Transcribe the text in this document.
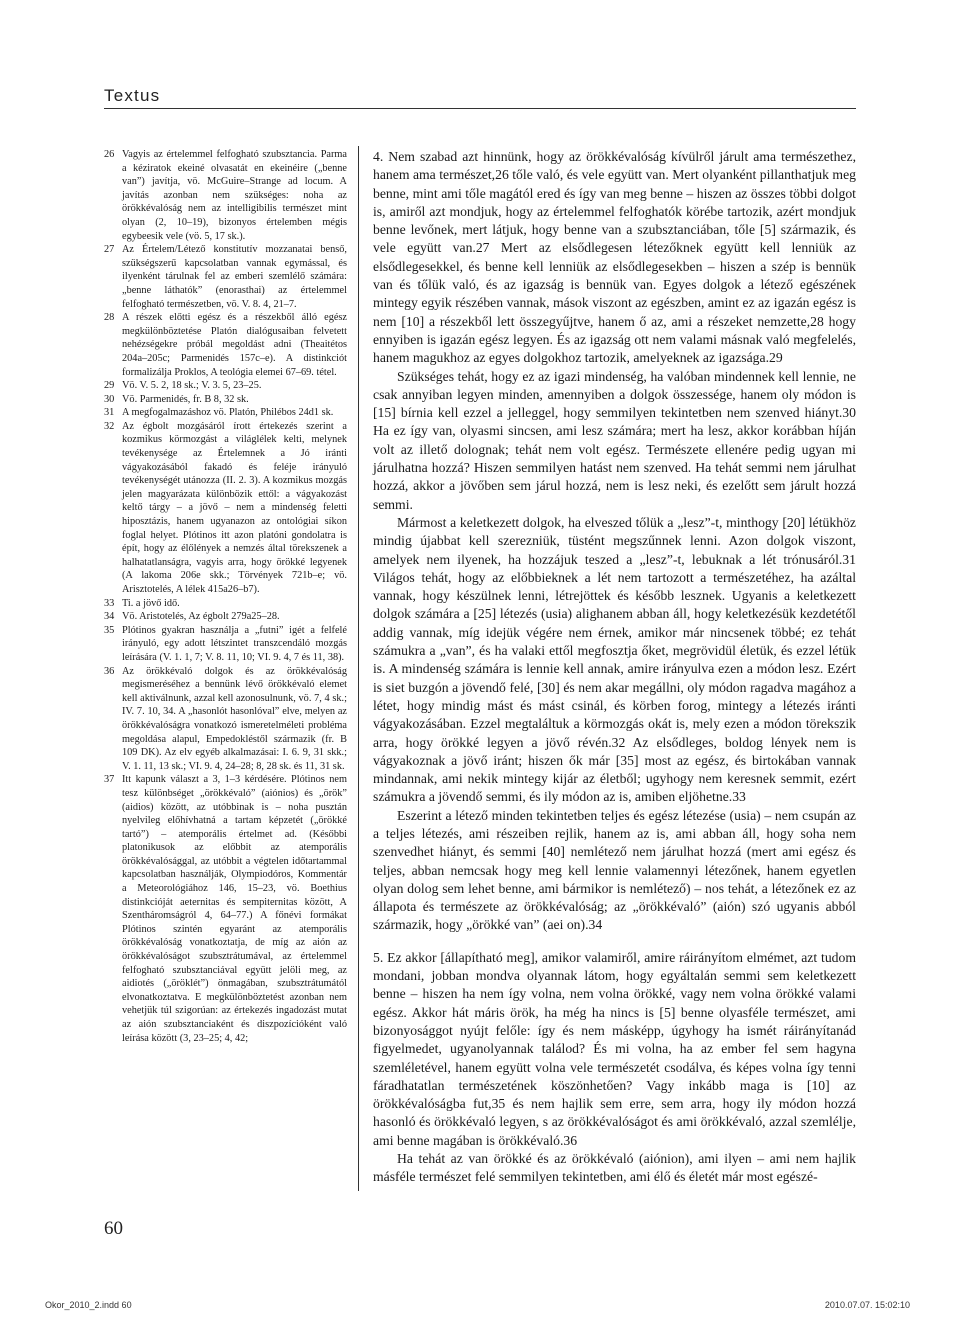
Textus
26 Vagyis az értelemmel felfogható szubsztancia. Parma a kéziratok ekeiné olvasatát en ekeinéire („benne van”) javítja, vö. McGuire–Strange ad locum. A javítás azonban nem szükséges: noha az örökkévalóság nem az intelligibilis természet mint olyan (2, 10–19), bizonyos értelemben mégis egybeesik vele (vö. 5, 17 sk.).
27 Az Értelem/Létező konstitutív mozzanatai benső, szükségszerű kapcsolatban vannak egymással, és ilyenként tárulnak fel az emberi szemlélő számára: „benne láthatók” (enorasthai) az értelemmel felfogható természetben, vö. V. 8. 4, 21–7.
28 A részek előtti egész és a részekből álló egész megkülönböztetése Platón dialógusaiban felvetett nehézségekre próbál megoldást adni (Theaitétos 204a–205c; Parmenidés 157c–e). A distinkciót formalizálja Proklos, A teológia elemei 67–69. tétel.
29 Vö. V. 5. 2, 18 sk.; V. 3. 5, 23–25.
30 Vö. Parmenidés, fr. B 8, 32 sk.
31 A megfogalmazáshoz vö. Platón, Philébos 24d1 sk.
32 Az égbolt mozgásáról írott értekezés szerint a kozmikus körmozgást a világlélek kelti, melynek tevékenysége az Értelemnek a Jó iránti vágyakozásából fakadó és feléje irányuló tevékenységét utánozza (II. 2. 3). A kozmikus mozgás jelen magyarázata különbözik ettől: a vágyakozást keltő tárgy – a jövő – nem a mindenség feletti hiposztázis, hanem ugyanazon az ontológiai síkon foglal helyet. Plótinos itt azon platóni gondolatra is épít, hogy az élőlények a nemzés által törekszenek a halhatatlanságra, vagyis arra, hogy örökké legyenek (A lakoma 206e skk.; Törvények 721b–e; vö. Arisztotelés, A lélek 415a26–b7).
33 Ti. a jövő idő.
34 Vö. Aristotelés, Az égbolt 279a25–28.
35 Plótinos gyakran használja a „futni” igét a felfelé irányuló, egy adott létszintet transzcendáló mozgás leírására (V. 1. 1, 7; V. 8. 11, 10; VI. 9. 4, 7 és 11, 38).
36 Az örökkévaló dolgok és az örökkévalóság megismeréséhez a bennünk lévő örökkévaló elemet kell aktiválnunk, azzal kell azonosulnunk, vö. 7, 4 sk.; IV. 7. 10, 34. A „hasonlót hasonlóval” elve, melyen az örökkévalóságra vonatkozó ismeretelméleti probléma megoldása alapul, Empedokléstől származik (fr. B 109 DK). Az elv egyéb alkalmazásai: I. 6. 9, 31 skk.; V. 1. 11, 13 sk.; VI. 9. 4, 24–28; 8, 28 sk. és 11, 31 sk.
37 Itt kapunk választ a 3, 1–3 kérdésére. Plótinos nem tesz különbséget „örökkévaló” (aiónios) és „örök” (aidios) között, az utóbbinak is – noha pusztán nyelvileg előhívhatná a tartam képzetét („örökké tartó”) – atemporális értelmet ad. (Későbbi platonikusok az előbbit az atemporális örökkévalósággal, az utóbbit a végtelen időtartammal kapcsolatban használják, Olympiodóros, Kommentár a Meteorológiához 146, 15–23, vö. Boethius distinkcióját aeternitas és sempiternitas között, A Szentháromságról 4, 64–77.) A főnévi formákat Plótinos szintén egyaránt az atemporális örökkévalóság vonatkoztatja, de míg az aión az örökkévalóságot szubsztrátumával, az értelemmel felfogható szubsztanciával együtt jelöli meg, az aidiotés („öröklét”) önmagában, szubsztrátumától elvonatkoztatva. E megkülönböztetést azonban nem vehetjük túl szigorúan: az értekezés ingadozást mutat az aión szubsztanciaként és diszpozícióként való leírása között (3, 23–25; 4, 42;

4. Nem szabad azt hinnünk, hogy az örökkévalóság kívülről járult ama természethez, hanem ama természet,26 tőle való, és vele együtt van. Mert olyanként pillanthatjuk meg benne, mint ami tőle magától ered és így van meg benne – hiszen az összes többi dolgot is, amiről azt mondjuk, hogy az értelemmel felfoghatók körébe tartozik, azért mondjuk benne levőnek, mert látjuk, hogy benne van a szubsztanciában, tőle [5] származik, és vele együtt van.27 Mert az elsődlegesen létezőknek együtt kell lenniük az elsődlegesekkel, és benne kell lenniük az elsődlegesekben – hiszen a szép is bennük van és tőlük való, és az igazság is bennük van. Egyes dolgok a létező egészének mintegy egyik részében vannak, mások viszont az egészben, amint ez az igazán egész is nem [10] a részekből lett összegyűjtve, hanem ő az, ami a részeket nemzette,28 hogy ennyiben is igazán egész legyen. És az igazság ott nem valami másnak való megfelelés, hanem magukhoz az egyes dolgokhoz tartozik, amelyeknek az igazsága.29

Szükséges tehát, hogy ez az igazi mindenség, ha valóban mindennek kell lennie, ne csak annyiban legyen minden, amennyiben a dolgok összessége, hanem oly módon is [15] bírnia kell ezzel a jelleggel, hogy semmilyen tekintetben nem szenved hiányt.30 Ha ez így van, olyasmi sincsen, ami lesz számára; mert ha lesz, akkor korábban híján volt az illető dolognak; tehát nem volt egész. Természete ellenére pedig ugyan mi járulhatna hozzá? Hiszen semmilyen hatást nem szenved. Ha tehát semmi nem járulhat hozzá, akkor a jövőben sem járul hozzá, nem is lesz neki, és ezelőtt sem járult hozzá semmi.

Mármost a keletkezett dolgok, ha elveszed tőlük a „lesz”-t, minthogy [20] létükhöz mindig újabbat kell szerezniük, tüstént megszűnnek lenni. Azon dolgok viszont, amelyek nem ilyenek, ha hozzájuk teszed a „lesz”-t, lebuknak a lét trónusáról.31 Világos tehát, hogy az előbbieknek a lét nem tartozott a természetéhez, ha azáltal vannak, hogy készülnek lenni, létrejöttek és később lesznek. Ugyanis a keletkezett dolgok számára a [25] létezés (usia) alighanem abban áll, hogy keletkezésük kezdetétől addig vannak, míg idejük végére nem érnek, amikor már nincsenek többé; ez tehát számukra a „van”, és ha valaki ettől megfosztja őket, megrövidül életük, és ezzel létük is. A mindenség számára is lennie kell annak, amire irányulva ezen a módon lesz. Ezért is siet buzgón a jövendő felé, [30] és nem akar megállni, oly módon ragadva magához a létet, hogy mindig mást és mást csinál, és körben forog, mintegy a létezés iránti vágyakozásában. Ezzel megtaláltuk a körmozgás okát is, mely ezen a módon törekszik arra, hogy örökké legyen a jövő révén.32 Az elsődleges, boldog lények nem is vágyakoznak a jövő iránt; hiszen ők már [35] most az egész, és birtokában vannak mindannak, ami nekik mintegy kijár az életből; ugyhogy nem keresnek semmit, ezért számukra a jövendő semmi, és ily módon az is, amiben eljöhetne.33

Eszerint a létező minden tekintetben teljes és egész létezése (usia) – nem csupán az a teljes létezés, ami részeiben rejlik, hanem az is, ami abban áll, hogy soha nem szenvedhet hiányt, és semmi [40] nemlétező nem járulhat hozzá (mert ami egész és teljes, abban nemcsak hogy meg kell lennie valamennyi létezőnek, hanem egyetlen olyan dolog sem lehet benne, ami bármikor is nemlétező) – nos tehát, a létezőnek ez az állapota és természete az örökkévalóság; az „örökkévaló” (aión) szó ugyanis abból származik, hogy „örökké van” (aei on).34

5. Ez akkor [állapítható meg], amikor valamiről, amire ráirányítom elmémet, azt tudom mondani, jobban mondva olyannak látom, hogy egyáltalán semmi sem keletkezett benne – hiszen ha nem így volna, nem volna örökké, vagy nem volna örökké valami egész. Akkor hát máris örök, ha még ha nincs is [5] benne olyasféle természet, ami bizonyosággot nyújt felőle: így és nem másképp, úgyhogy ha ismét ráirányítanád figyelmedet, ugyanolyannak találod? És mi volna, ha az ember fel sem hagyna szemléletével, hanem együtt volna vele természetét csodálva, és képes volna így tenni fáradhatatlan természetének köszönhetően? Vagy inkább maga is [10] az örökkévalóságba fut,35 és nem hajlik sem erre, sem arra, hogy ily módon hozzá hasonló és örökkévaló legyen, s az örökkévalóságot és ami örökkévaló, azzal szemlélje, ami benne magában is örökkévaló.36

Ha tehát az van örökké és az örökkévaló (aiónion), ami ilyen – ami nem hajlik másféle természet felé semmilyen tekintetben, ami élő és életét már most egészé-

60
Okor_2010_2.indd 60	2010.07.07. 15:02:10
